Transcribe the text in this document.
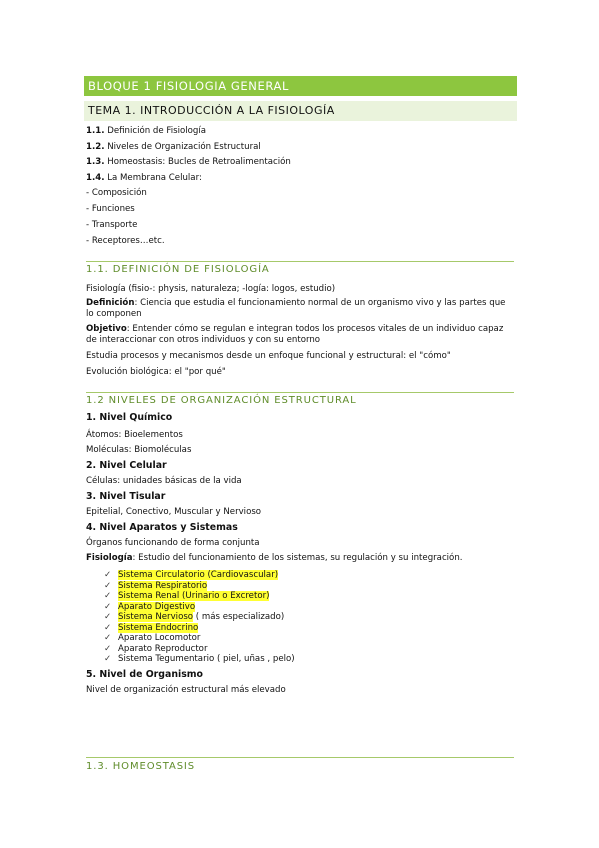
BLOQUE 1 FISIOLOGIA GENERAL
TEMA 1. INTRODUCCIÓN A LA FISIOLOGÍA
1.1. Definición de Fisiología
1.2. Niveles de Organización Estructural
1.3. Homeostasis: Bucles de Retroalimentación
1.4. La Membrana Celular:
- Composición
- Funciones
- Transporte
- Receptores…etc.
1.1. DEFINICIÓN DE FISIOLOGÍA
Fisiología (fisio-: physis, naturaleza; -logía: logos, estudio)
Definición: Ciencia que estudia el funcionamiento normal de un organismo vivo y las partes que lo componen
Objetivo: Entender cómo se regulan e integran todos los procesos vitales de un individuo capaz de interaccionar con otros individuos y con su entorno
Estudia procesos y mecanismos desde un enfoque funcional y estructural: el "cómo"
Evolución biológica: el "por qué"
1.2 NIVELES DE ORGANIZACIÓN ESTRUCTURAL
1. Nivel Químico
Átomos: Bioelementos
Moléculas: Biomoléculas
2. Nivel Celular
Células: unidades básicas de la vida
3. Nivel Tisular
Epitelial, Conectivo, Muscular y Nervioso
4. Nivel Aparatos y Sistemas
Órganos funcionando de forma conjunta
Fisiología: Estudio del funcionamiento de los sistemas, su regulación y su integración.
✓ Sistema Circulatorio (Cardiovascular)
✓ Sistema Respiratorio
✓ Sistema Renal (Urinario o Excretor)
✓ Aparato Digestivo
✓ Sistema Nervioso ( más especializado)
✓ Sistema Endocrino
✓ Aparato Locomotor
✓ Aparato Reproductor
✓ Sistema Tegumentario ( piel, uñas , pelo)
5. Nivel de Organismo
Nivel de organización estructural más elevado
1.3. HOMEOSTASIS
